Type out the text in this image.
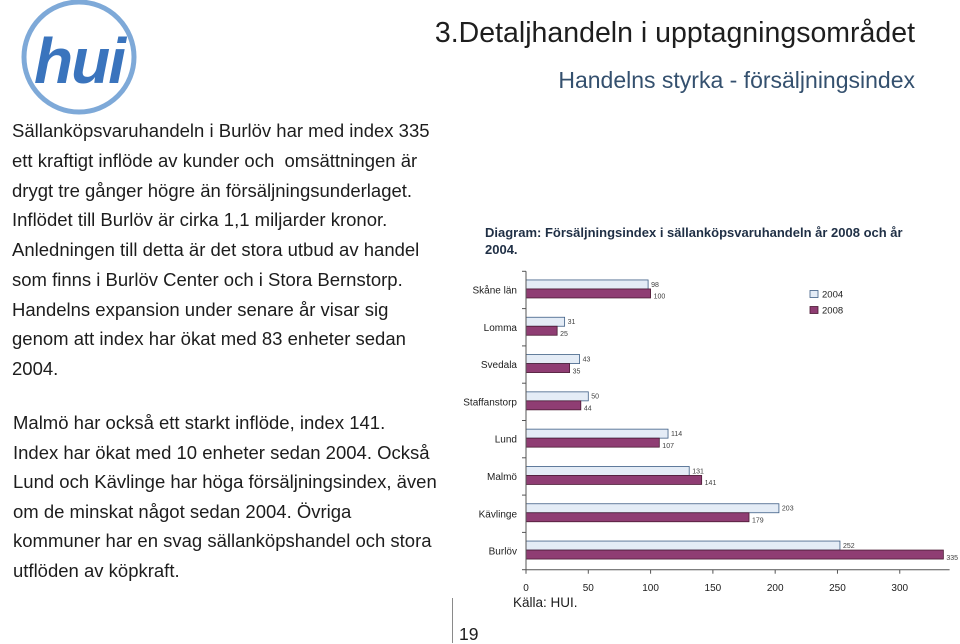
hui	3.Detaljhandeln i upptagningsområdet
Handelns styrka - försäljningsindex
Sällanköpsvaruhandeln i Burlöv har med index 335
ett kraftigt inflöde av kunder och  omsättningen är
drygt tre gånger högre än försäljningsunderlaget.
Inflödet till Burlöv är cirka 1,1 miljarder kronor.
Anledningen till detta är det stora utbud av handel
som finns i Burlöv Center och i Stora Bernstorp.
Handelns expansion under senare år visar sig
genom att index har ökat med 83 enheter sedan
2004.
Malmö har också ett starkt inflöde, index 141.
Index har ökat med 10 enheter sedan 2004. Också
Lund och Kävlinge har höga försäljningsindex, även
om de minskat något sedan 2004. Övriga
kommuner har en svag sällanköpshandel och stora
utflöden av köpkraft.
Diagram: Försäljningsindex i sällanköpsvaruhandeln år 2008 och år 2004.
98
31
43
50
114
131
203
252
100
25
35
44
107
141
179
335
Skåne län
Lomma
Svedala
Staffanstorp
Lund
Malmö
Kävlinge
Burlöv
0	50	100	150	200	250	300
2004
2008
Källa: HUI.
19
